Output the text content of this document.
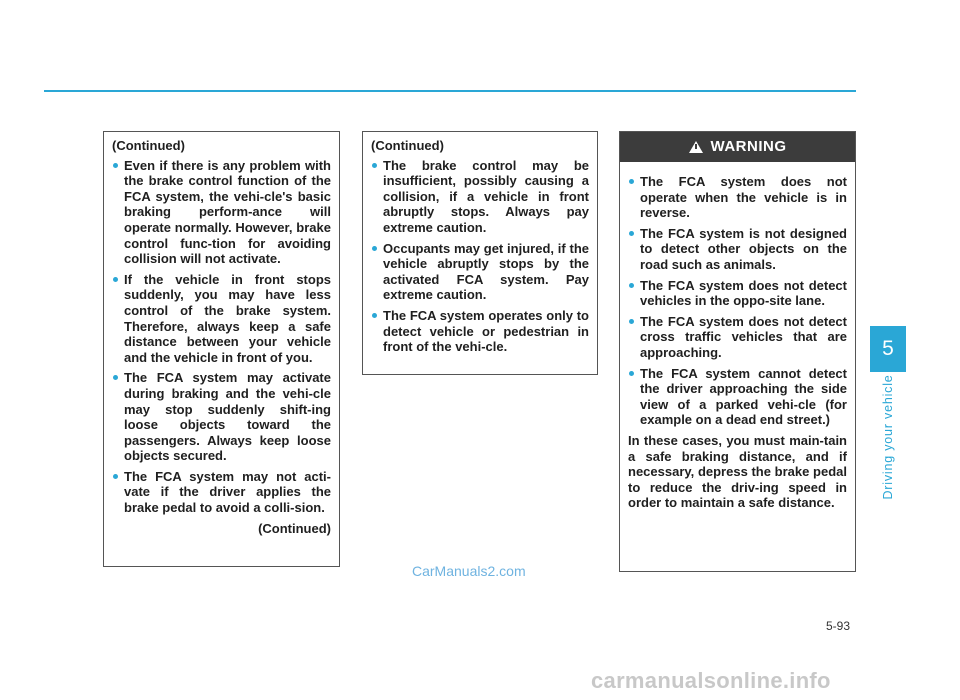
(Continued)
Even if there is any problem with the brake control function of the FCA system, the vehi-cle's basic braking perform-ance will operate normally. However, brake control func-tion for avoiding collision will not activate.
If the vehicle in front stops suddenly, you may have less control of the brake system. Therefore, always keep a safe distance between your vehicle and the vehicle in front of you.
The FCA system may activate during braking and the vehi-cle may stop suddenly shift-ing loose objects toward the passengers. Always keep loose objects secured.
The FCA system may not acti-vate if the driver applies the brake pedal to avoid a colli-sion.
(Continued)
(Continued)
The brake control may be insufficient, possibly causing a collision, if a vehicle in front abruptly stops. Always pay extreme caution.
Occupants may get injured, if the vehicle abruptly stops by the activated FCA system. Pay extreme caution.
The FCA system operates only to detect vehicle or pedestrian in front of the vehi-cle.
WARNING
The FCA system does not operate when the vehicle is in reverse.
The FCA system is not designed to detect other objects on the road such as animals.
The FCA system does not detect vehicles in the oppo-site lane.
The FCA system does not detect cross traffic vehicles that are approaching.
The FCA system cannot detect the driver approaching the side view of a parked vehi-cle (for example on a dead end street.)
In these cases, you must main-tain a safe braking distance, and if necessary, depress the brake pedal to reduce the driv-ing speed in order to maintain a safe distance.
5
Driving your vehicle
5-93
CarManuals2.com
carmanualsonline.info
